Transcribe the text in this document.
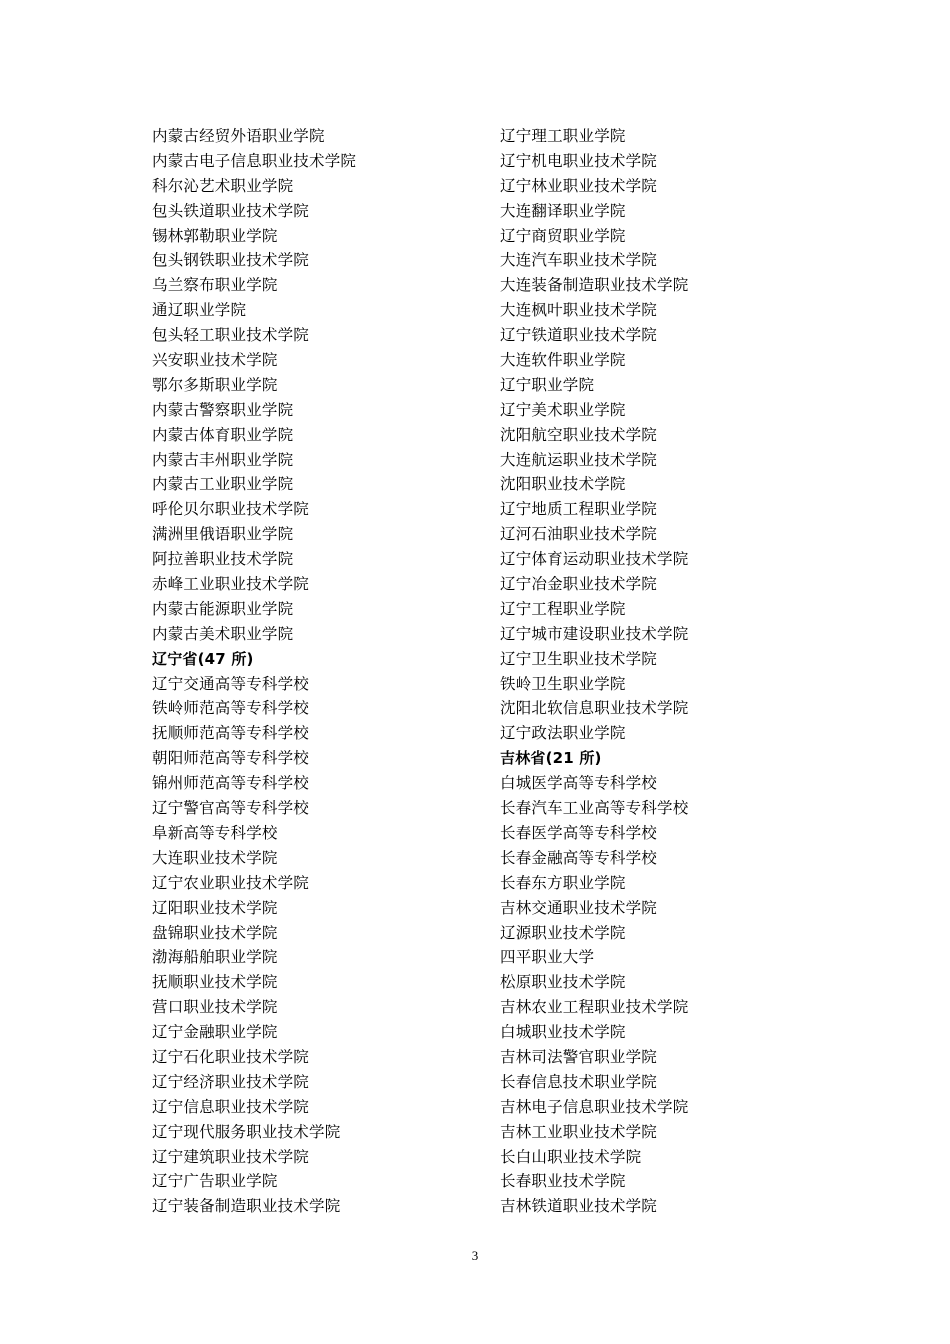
内蒙古经贸外语职业学院
内蒙古电子信息职业技术学院
科尔沁艺术职业学院
包头铁道职业技术学院
锡林郭勒职业学院
包头钢铁职业技术学院
乌兰察布职业学院
通辽职业学院
包头轻工职业技术学院
兴安职业技术学院
鄂尔多斯职业学院
内蒙古警察职业学院
内蒙古体育职业学院
内蒙古丰州职业学院
内蒙古工业职业学院
呼伦贝尔职业技术学院
满洲里俄语职业学院
阿拉善职业技术学院
赤峰工业职业技术学院
内蒙古能源职业学院
内蒙古美术职业学院
辽宁省(47 所)
辽宁交通高等专科学校
铁岭师范高等专科学校
抚顺师范高等专科学校
朝阳师范高等专科学校
锦州师范高等专科学校
辽宁警官高等专科学校
阜新高等专科学校
大连职业技术学院
辽宁农业职业技术学院
辽阳职业技术学院
盘锦职业技术学院
渤海船舶职业学院
抚顺职业技术学院
营口职业技术学院
辽宁金融职业学院
辽宁石化职业技术学院
辽宁经济职业技术学院
辽宁信息职业技术学院
辽宁现代服务职业技术学院
辽宁建筑职业技术学院
辽宁广告职业学院
辽宁装备制造职业技术学院
辽宁理工职业学院
辽宁机电职业技术学院
辽宁林业职业技术学院
大连翻译职业学院
辽宁商贸职业学院
大连汽车职业技术学院
大连装备制造职业技术学院
大连枫叶职业技术学院
辽宁铁道职业技术学院
大连软件职业学院
辽宁职业学院
辽宁美术职业学院
沈阳航空职业技术学院
大连航运职业技术学院
沈阳职业技术学院
辽宁地质工程职业学院
辽河石油职业技术学院
辽宁体育运动职业技术学院
辽宁冶金职业技术学院
辽宁工程职业学院
辽宁城市建设职业技术学院
辽宁卫生职业技术学院
铁岭卫生职业学院
沈阳北软信息职业技术学院
辽宁政法职业学院
吉林省(21 所)
白城医学高等专科学校
长春汽车工业高等专科学校
长春医学高等专科学校
长春金融高等专科学校
长春东方职业学院
吉林交通职业技术学院
辽源职业技术学院
四平职业大学
松原职业技术学院
吉林农业工程职业技术学院
白城职业技术学院
吉林司法警官职业学院
长春信息技术职业学院
吉林电子信息职业技术学院
吉林工业职业技术学院
长白山职业技术学院
长春职业技术学院
吉林铁道职业技术学院
3
